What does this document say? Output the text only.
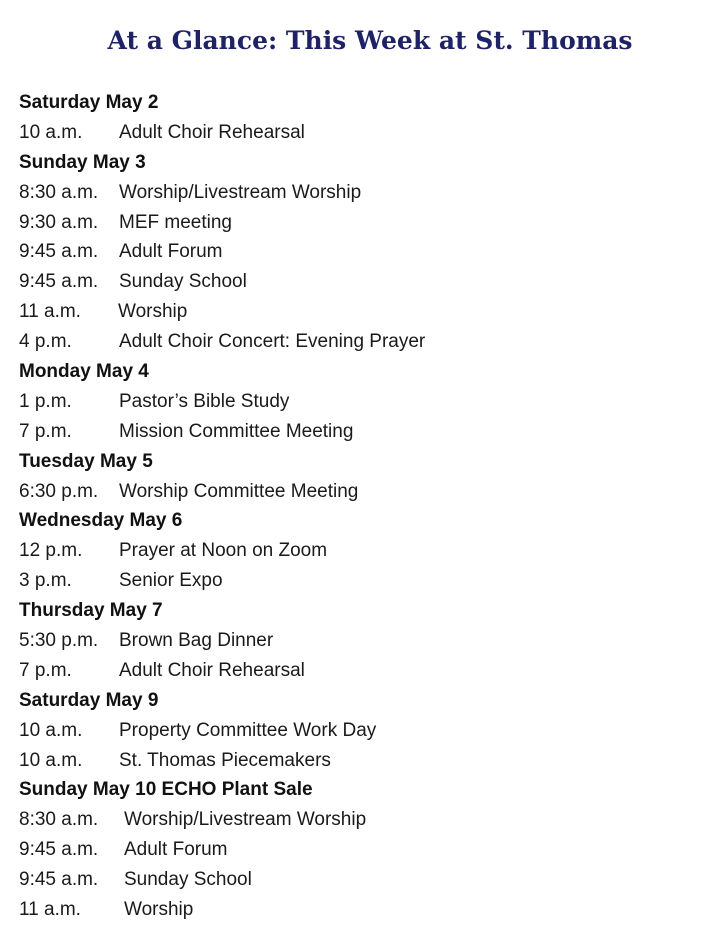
At a Glance: This Week at St. Thomas
Saturday May 2
10 a.m. Adult Choir Rehearsal
Sunday May 3
8:30 a.m. Worship/Livestream Worship
9:30 a.m. MEF meeting
9:45 a.m. Adult Forum
9:45 a.m. Sunday School
11 a.m. Worship
4 p.m. Adult Choir Concert: Evening Prayer
Monday May 4
1 p.m. Pastor’s Bible Study
7 p.m. Mission Committee Meeting
Tuesday May 5
6:30 p.m. Worship Committee Meeting
Wednesday May 6
12 p.m. Prayer at Noon on Zoom
3 p.m. Senior Expo
Thursday May 7
5:30 p.m. Brown Bag Dinner
7 p.m. Adult Choir Rehearsal
Saturday May 9
10 a.m. Property Committee Work Day
10 a.m. St. Thomas Piecemakers
Sunday May 10 ECHO Plant Sale
8:30 a.m. Worship/Livestream Worship
9:45 a.m. Adult Forum
9:45 a.m. Sunday School
11 a.m. Worship
